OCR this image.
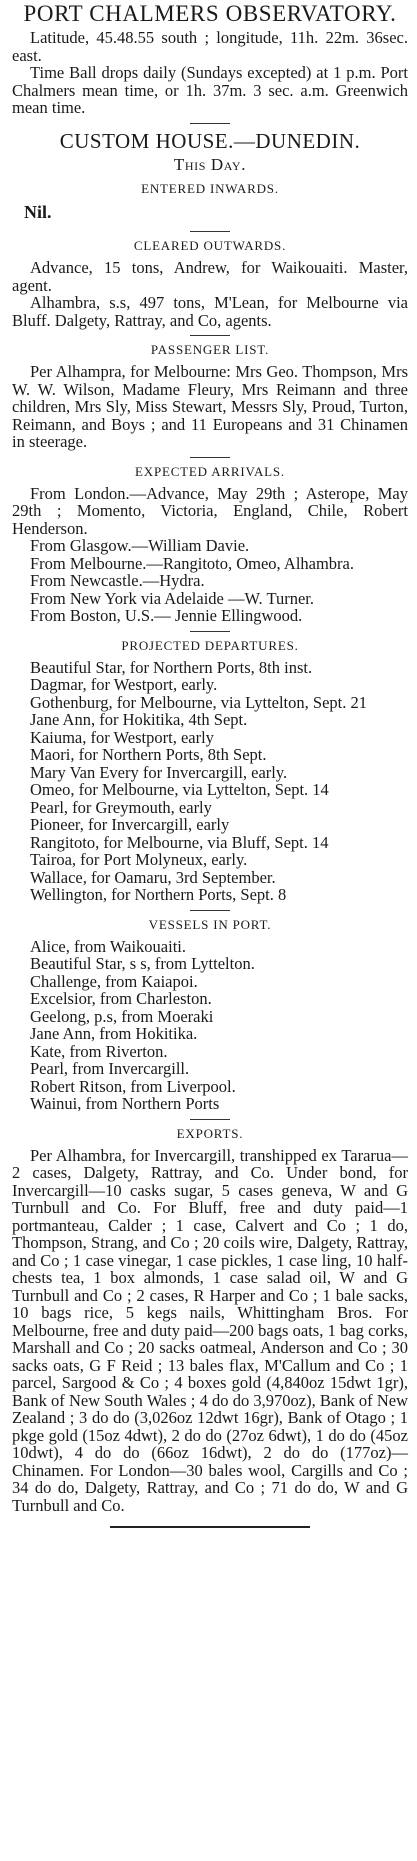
PORT CHALMERS OBSERVATORY.

Latitude, 45.48.55 south ; longitude, 11h. 22m. 36sec. east.

Time Ball drops daily (Sundays excepted) at 1 p.m. Port Chalmers mean time, or 1h. 37m. 3 sec. a.m. Greenwich mean time.

CUSTOM HOUSE.—DUNEDIN.
This Day.
ENTERED INWARDS.

Nil.

CLEARED OUTWARDS.

Advance, 15 tons, Andrew, for Waikouaiti. Master, agent.

Alhambra, s.s, 497 tons, M'Lean, for Melbourne via Bluff. Dalgety, Rattray, and Co, agents.

PASSENGER LIST.

Per Alhampra, for Melbourne: Mrs Geo. Thompson, Mrs W. W. Wilson, Madame Fleury, Mrs Reimann and three children, Mrs Sly, Miss Stewart, Messrs Sly, Proud, Turton, Reimann, and Boys ; and 11 Europeans and 31 Chinamen in steerage.

EXPECTED ARRIVALS.

From London.—Advance, May 29th ; Asterope, May 29th ; Momento, Victoria, England, Chile, Robert Henderson.

From Glasgow.—William Davie.

From Melbourne.—Rangitoto, Omeo, Alhambra.

From Newcastle.—Hydra.

From New York via Adelaide —W. Turner.

From Boston, U.S.— Jennie Ellingwood.

PROJECTED DEPARTURES.

Beautiful Star, for Northern Ports, 8th inst.

Dagmar, for Westport, early.

Gothenburg, for Melbourne, via Lyttelton, Sept. 21

Jane Ann, for Hokitika, 4th Sept.

Kaiuma, for Westport, early

Maori, for Northern Ports, 8th Sept.

Mary Van Every for Invercargill, early.

Omeo, for Melbourne, via Lyttelton, Sept. 14

Pearl, for Greymouth, early

Pioneer, for Invercargill, early

Rangitoto, for Melbourne, via Bluff, Sept. 14

Tairoa, for Port Molyneux, early.

Wallace, for Oamaru, 3rd September.

Wellington, for Northern Ports, Sept. 8

VESSELS IN PORT.

Alice, from Waikouaiti.

Beautiful Star, s s, from Lyttelton.

Challenge, from Kaiapoi.

Excelsior, from Charleston.

Geelong, p.s, from Moeraki

Jane Ann, from Hokitika.

Kate, from Riverton.

Pearl, from Invercargill.

Robert Ritson, from Liverpool.

Wainui, from Northern Ports

EXPORTS.

Per Alhambra, for Invercargill, transhipped ex Tararua—2 cases, Dalgety, Rattray, and Co. Under bond, for Invercargill—10 casks sugar, 5 cases geneva, W and G Turnbull and Co. For Bluff, free and duty paid—1 portmanteau, Calder ; 1 case, Calvert and Co ; 1 do, Thompson, Strang, and Co ; 20 coils wire, Dalgety, Rattray, and Co ; 1 case vinegar, 1 case pickles, 1 case ling, 10 half-chests tea, 1 box almonds, 1 case salad oil, W and G Turnbull and Co ; 2 cases, R Harper and Co ; 1 bale sacks, 10 bags rice, 5 kegs nails, Whittingham Bros. For Melbourne, free and duty paid—200 bags oats, 1 bag corks, Marshall and Co ; 20 sacks oatmeal, Anderson and Co ; 30 sacks oats, G F Reid ; 13 bales flax, M'Callum and Co ; 1 parcel, Sargood & Co ; 4 boxes gold (4,840oz 15dwt 1gr), Bank of New South Wales ; 4 do do 3,970oz), Bank of New Zealand ; 3 do do (3,026oz 12dwt 16gr), Bank of Otago ; 1 pkge gold (15oz 4dwt), 2 do do (27oz 6dwt), 1 do do (45oz 10dwt), 4 do do (66oz 16dwt), 2 do do (177oz)—Chinamen. For London—30 bales wool, Cargills and Co ; 34 do do, Dalgety, Rattray, and Co ; 71 do do, W and G Turnbull and Co.
